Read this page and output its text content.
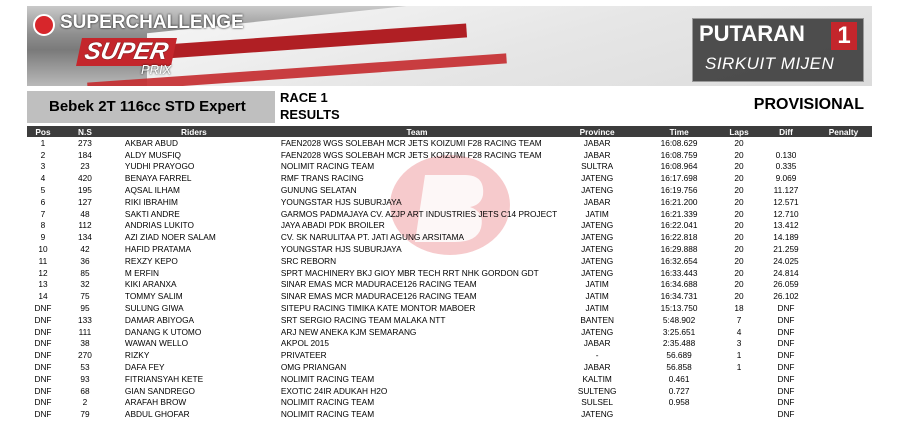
SUPERCHALLENGE
SUPER
PRIX
PUTARAN 1
SIRKUIT MIJEN
Bebek 2T 116cc STD Expert
RACE 1
RESULTS
PROVISIONAL
Pos	N.S	Riders	Team	Province	Time	Laps	Diff	Penalty
1	273	AKBAR ABUD	FAEN2028 WGS SOLEBAH MCR JETS KOIZUMI F28 RACING TEAM	JABAR	16:08.629	20		
2	184	ALDY MUSFIQ	FAEN2028 WGS SOLEBAH MCR JETS KOIZUMI F28 RACING TEAM	JABAR	16:08.759	20	0.130	
3	23	YUDHI PRAYOGO	NOLIMIT RACING TEAM	SULTRA	16:08.964	20	0.335	
4	420	BENAYA FARREL	RMF TRANS RACING	JATENG	16:17.698	20	9.069	
5	195	AQSAL ILHAM	GUNUNG SELATAN	JATENG	16:19.756	20	11.127	
6	127	RIKI IBRAHIM	YOUNGSTAR HJS SUBURJAYA	JABAR	16:21.200	20	12.571	
7	48	SAKTI ANDRE	GARMOS PADMAJAYA CV. AZJP ART INDUSTRIES JETS C14 PROJECT	JATIM	16:21.339	20	12.710	
8	112	ANDRIAS LUKITO	JAYA ABADI PDK BROILER	JATENG	16:22.041	20	13.412	
9	134	AZI ZIAD NOER SALAM	CV. SK NARULITAA PT. JATI AGUNG ARSITAMA	JATENG	16:22.818	20	14.189	
10	42	HAFID PRATAMA	YOUNGSTAR HJS SUBURJAYA	JATENG	16:29.888	20	21.259	
11	36	REXZY KEPO	SRC REBORN	JATENG	16:32.654	20	24.025	
12	85	M ERFIN	SPRT MACHINERY BKJ GIOY MBR TECH RRT NHK GORDON GDT	JATENG	16:33.443	20	24.814	
13	32	KIKI ARANXA	SINAR EMAS MCR MADURACE126 RACING TEAM	JATIM	16:34.688	20	26.059	
14	75	TOMMY SALIM	SINAR EMAS MCR MADURACE126 RACING TEAM	JATIM	16:34.731	20	26.102	
DNF	95	SULUNG GIWA	SITEPU RACING TIMIKA KATE MONTOR MABOER	JATIM	15:13.750	18	DNF	
DNF	133	DAMAR ABIYOGA	SRT SERGIO RACING TEAM MALAKA NTT	BANTEN	5:48.902	7	DNF	
DNF	111	DANANG K UTOMO	ARJ NEW ANEKA KJM SEMARANG	JATENG	3:25.651	4	DNF	
DNF	38	WAWAN WELLO	AKPOL 2015	JABAR	2:35.488	3	DNF	
DNF	270	RIZKY	PRIVATEER	-	56.689	1	DNF	
DNF	53	DAFA FEY	OMG PRIANGAN	JABAR	56.858	1	DNF	
DNF	93	FITRIANSYAH KETE	NOLIMIT RACING TEAM	KALTIM	0.461		DNF	
DNF	68	GIAN SANDREGO	EXOTIC 24IR ADUKAH H2O	SULTENG	0.727		DNF	
DNF	2	ARAFAH BROW	NOLIMIT RACING TEAM	SULSEL	0.958		DNF	
DNF	79	ABDUL GHOFAR	NOLIMIT RACING TEAM	JATENG			DNF	
